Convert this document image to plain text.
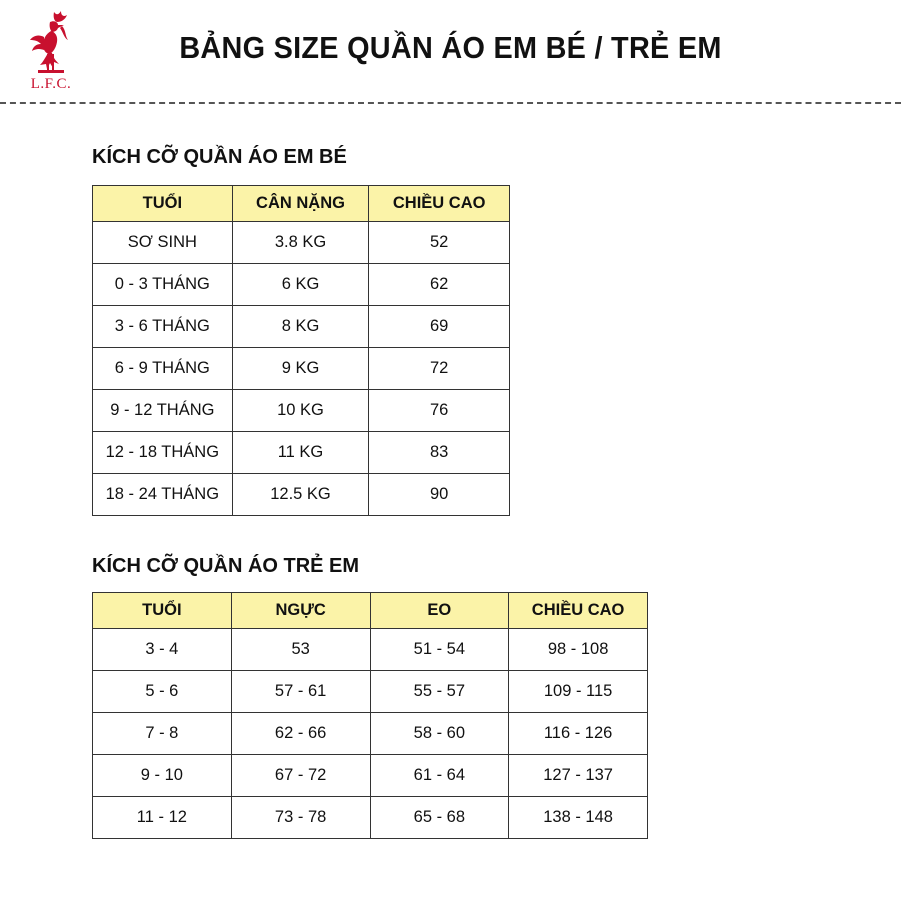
L.F.C.
BẢNG SIZE QUẦN ÁO EM BÉ / TRẺ EM
KÍCH CỠ QUẦN ÁO EM BÉ
TUỔI	CÂN NẶNG	CHIỀU CAO
SƠ SINH	3.8 KG	52
0 - 3 THÁNG	6 KG	62
3 - 6 THÁNG	8 KG	69
6 - 9 THÁNG	9 KG	72
9 - 12 THÁNG	10 KG	76
12 - 18 THÁNG	11 KG	83
18 - 24 THÁNG	12.5 KG	90
KÍCH CỠ QUẦN ÁO TRẺ EM
TUỔI	NGỰC	EO	CHIỀU CAO
3 - 4	53	51 - 54	98 - 108
5 - 6	57 - 61	55 - 57	109 - 115
7 - 8	62 - 66	58 - 60	116 - 126
9 - 10	67 - 72	61 - 64	127 - 137
11 - 12	73 - 78	65 - 68	138 - 148
